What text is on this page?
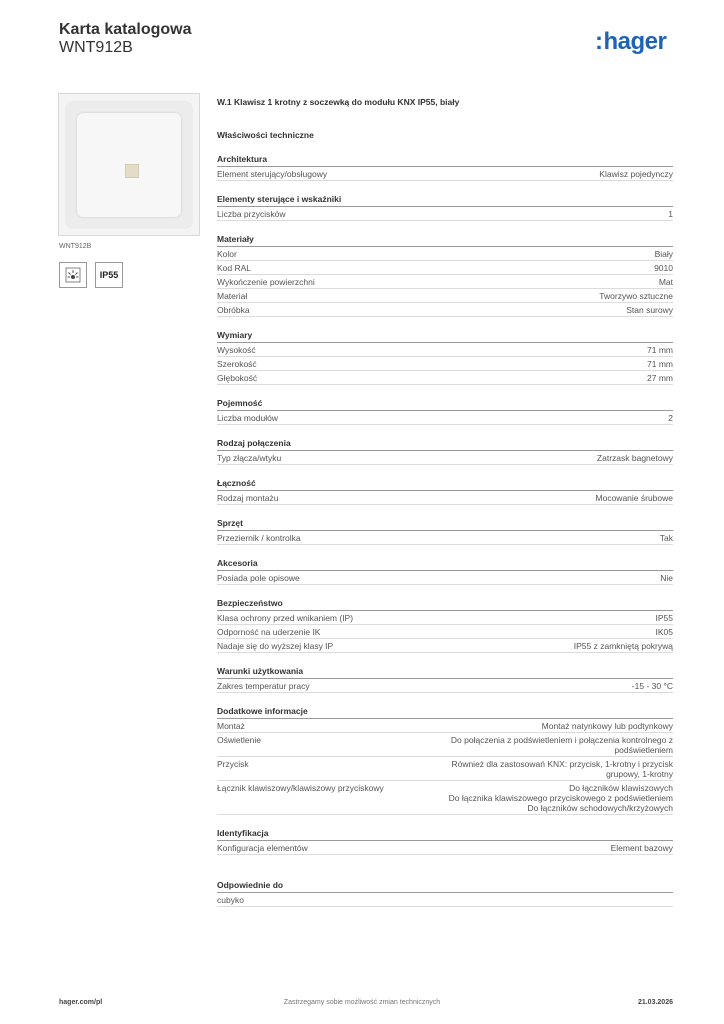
Karta katalogowa
WNT912B	:hager
WNT912B
IP55
W.1 Klawisz 1 krotny z soczewką do modułu KNX IP55, biały
Właściwości techniczne
Architektura
Element sterujący/obsługowy	Klawisz pojedynczy
Elementy sterujące i wskaźniki
Liczba przycisków	1
Materiały
Kolor	Biały
Kod RAL	9010
Wykończenie powierzchni	Mat
Materiał	Tworzywo sztuczne
Obróbka	Stan surowy
Wymiary
Wysokość	71 mm
Szerokość	71 mm
Głębokość	27 mm
Pojemność
Liczba modułów	2
Rodzaj połączenia
Typ złącza/wtyku	Zatrzask bagnetowy
Łączność
Rodzaj montażu	Mocowanie śrubowe
Sprzęt
Przeziernik / kontrolka	Tak
Akcesoria
Posiada pole opisowe	Nie
Bezpieczeństwo
Klasa ochrony przed wnikaniem (IP)	IP55
Odporność na uderzenie IK	IK05
Nadaje się do wyższej klasy IP	IP55 z zamkniętą pokrywą
Warunki użytkowania
Zakres temperatur pracy	-15 - 30 °C
Dodatkowe informacje
Montaż	Montaż natynkowy lub podtynkowy
Oświetlenie	Do połączenia z podświetleniem i połączenia kontrolnego z
podświetleniem
Przycisk	Również dla zastosowań KNX: przycisk, 1-krotny i przycisk
grupowy, 1-krotny
Łącznik klawiszowy/klawiszowy przyciskowy	Do łączników klawiszowych
Do łącznika klawiszowego przyciskowego z podświetleniem
Do łączników schodowych/krzyżowych
Identyfikacja
Konfiguracja elementów	Element bazowy
Odpowiednie do
cubyko
hager.com/pl	Zastrzegamy sobie możliwość zmian technicznych	21.03.2026
